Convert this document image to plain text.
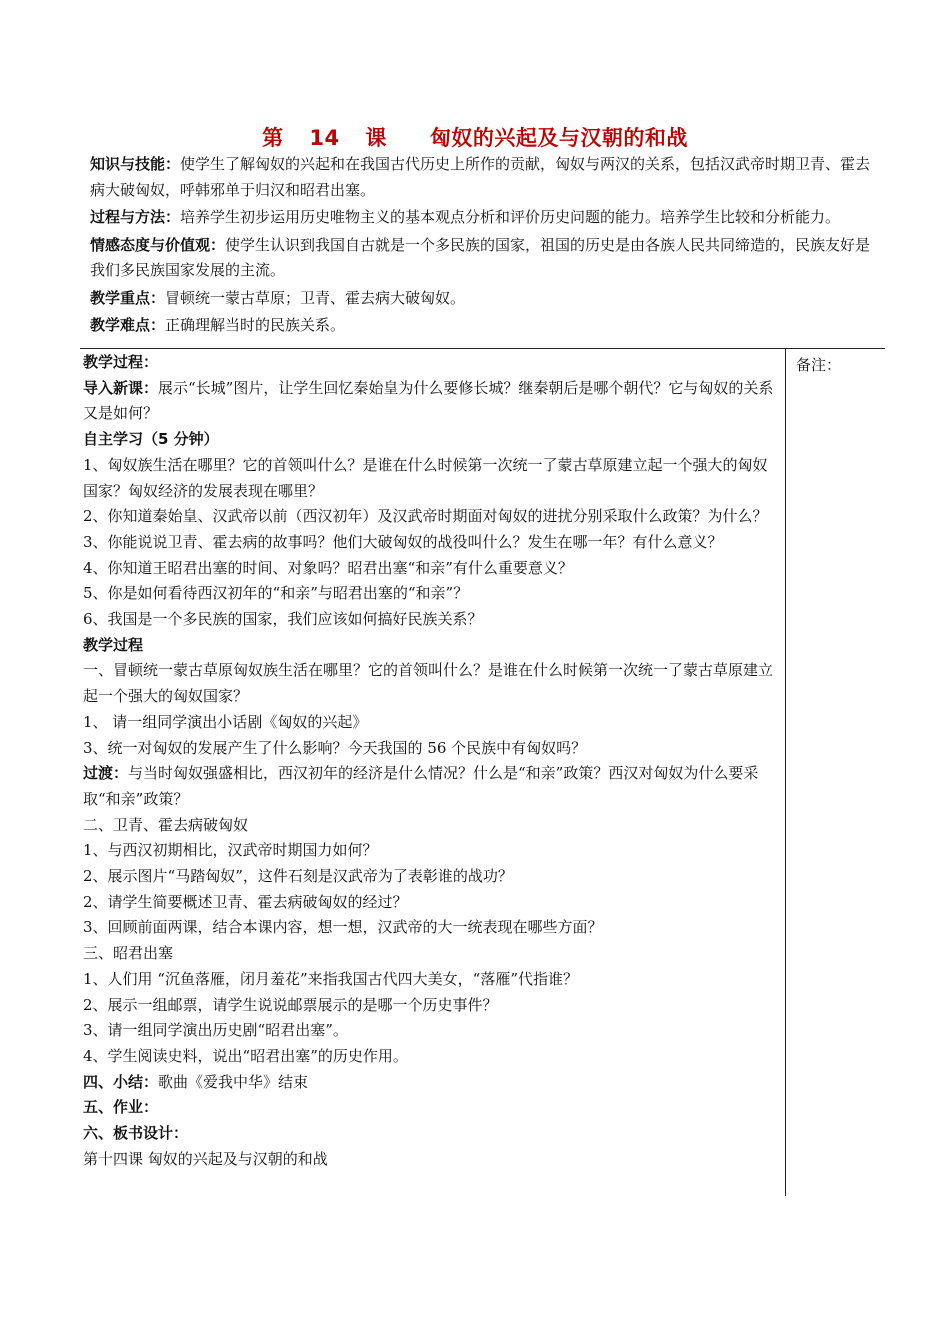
第 14 课　　匈奴的兴起及与汉朝的和战

知识与技能：使学生了解匈奴的兴起和在我国古代历史上所作的贡献，匈奴与两汉的关系，包括汉武帝时期卫青、霍去病大破匈奴，呼韩邪单于归汉和昭君出塞。

过程与方法：培养学生初步运用历史唯物主义的基本观点分析和评价历史问题的能力。培养学生比较和分析能力。

情感态度与价值观：使学生认识到我国自古就是一个多民族的国家，祖国的历史是由各族人民共同缔造的，民族友好是我们多民族国家发展的主流。

教学重点：冒顿统一蒙古草原；卫青、霍去病大破匈奴。

教学难点：正确理解当时的民族关系。

备注：

教学过程：

导入新课：展示“长城”图片，让学生回忆秦始皇为什么要修长城？继秦朝后是哪个朝代？它与匈奴的关系又是如何？

自主学习（5 分钟）

1、匈奴族生活在哪里？它的首领叫什么？是谁在什么时候第一次统一了蒙古草原建立起一个强大的匈奴国家？匈奴经济的发展表现在哪里？

2、你知道秦始皇、汉武帝以前（西汉初年）及汉武帝时期面对匈奴的进扰分别采取什么政策？为什么？

3、你能说说卫青、霍去病的故事吗？他们大破匈奴的战役叫什么？发生在哪一年？有什么意义？

4、你知道王昭君出塞的时间、对象吗？昭君出塞“和亲”有什么重要意义？

5、你是如何看待西汉初年的“和亲”与昭君出塞的“和亲”？

6、我国是一个多民族的国家，我们应该如何搞好民族关系？

教学过程

一、冒顿统一蒙古草原匈奴族生活在哪里？它的首领叫什么？是谁在什么时候第一次统一了蒙古草原建立起一个强大的匈奴国家？

1、 请一组同学演出小话剧《匈奴的兴起》

3、统一对匈奴的发展产生了什么影响？今天我国的 56 个民族中有匈奴吗？

过渡：与当时匈奴强盛相比，西汉初年的经济是什么情况？什么是“和亲”政策？西汉对匈奴为什么要采取“和亲”政策？

二、卫青、霍去病破匈奴

1、与西汉初期相比，汉武帝时期国力如何？

2、展示图片“马踏匈奴”，这件石刻是汉武帝为了表彰谁的战功？

2、请学生简要概述卫青、霍去病破匈奴的经过？

3、回顾前面两课，结合本课内容，想一想，汉武帝的大一统表现在哪些方面？

三、昭君出塞

1、人们用 “沉鱼落雁，闭月羞花”来指我国古代四大美女，“落雁”代指谁？

2、展示一组邮票，请学生说说邮票展示的是哪一个历史事件？

3、请一组同学演出历史剧“昭君出塞”。

4、学生阅读史料，说出“昭君出塞”的历史作用。

四、小结：歌曲《爱我中华》结束

五、作业：

六、板书设计：

第十四课 匈奴的兴起及与汉朝的和战
